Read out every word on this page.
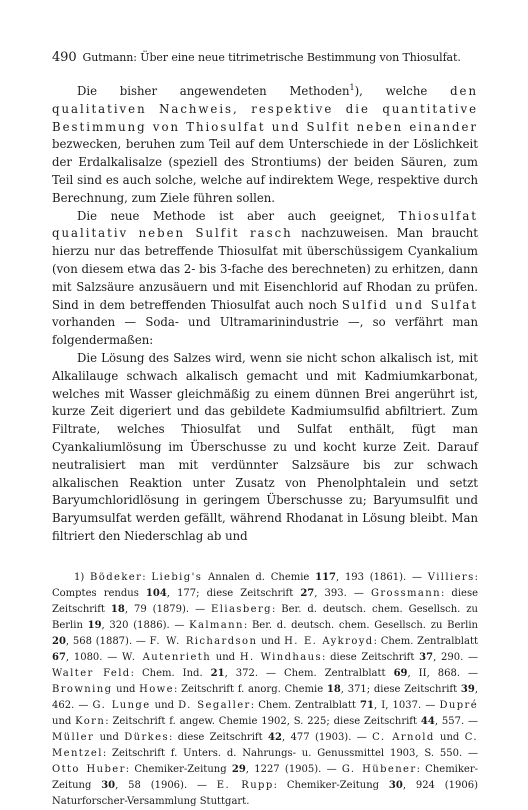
490 Gutmann: Über eine neue titrimetrische Bestimmung von Thiosulfat.

Die bisher angewendeten Methoden$^1$), welche den qualitativen Nachweis, respektive die quantitative Bestimmung von Thiosulfat und Sulfit neben einander bezwecken, beruhen zum Teil auf dem Unterschiede in der Löslichkeit der Erdalkalisalze (speziell des Strontiums) der beiden Säuren, zum Teil sind es auch solche, welche auf indirektem Wege, respektive durch Berechnung, zum Ziele führen sollen.

Die neue Methode ist aber auch geeignet, Thiosulfat qualitativ neben Sulfit rasch nachzuweisen. Man braucht hierzu nur das betreffende Thiosulfat mit überschüssigem Cyankalium (von diesem etwa das 2- bis 3-fache des berechneten) zu erhitzen, dann mit Salzsäure anzusäuern und mit Eisenchlorid auf Rhodan zu prüfen. Sind in dem betreffenden Thiosulfat auch noch Sulfid und Sulfat vorhanden — Soda- und Ultramarinindustrie —, so verfährt man folgendermaßen:

Die Lösung des Salzes wird, wenn sie nicht schon alkalisch ist, mit Alkalilauge schwach alkalisch gemacht und mit Kadmiumkarbonat, welches mit Wasser gleichmäßig zu einem dünnen Brei angerührt ist, kurze Zeit digeriert und das gebildete Kadmiumsulfid abfiltriert. Zum Filtrate, welches Thiosulfat und Sulfat enthält, fügt man Cyankaliumlösung im Überschusse zu und kocht kurze Zeit. Darauf neutralisiert man mit verdünnter Salzsäure bis zur schwach alkalischen Reaktion unter Zusatz von Phenolphtalein und setzt Baryumchloridlösung in geringem Überschusse zu; Baryumsulfit und Baryumsulfat werden gefällt, während Rhodanat in Lösung bleibt. Man filtriert den Niederschlag ab und

1) Bödeker: Liebig's Annalen d. Chemie 117, 193 (1861). — Villiers: Comptes rendus 104, 177; diese Zeitschrift 27, 393. — Grossmann: diese Zeitschrift 18, 79 (1879). — Eliasberg: Ber. d. deutsch. chem. Gesellsch. zu Berlin 19, 320 (1886). — Kalmann: Ber. d. deutsch. chem. Gesellsch. zu Berlin 20, 568 (1887). — F. W. Richardson und H. E. Aykroyd: Chem. Zentralblatt 67, 1080. — W. Autenrieth und H. Windhaus: diese Zeitschrift 37, 290. — Walter Feld: Chem. Ind. 21, 372. — Chem. Zentralblatt 69, II, 868. — Browning und Howe: Zeitschrift f. anorg. Chemie 18, 371; diese Zeitschrift 39, 462. — G. Lunge und D. Segaller: Chem. Zentralblatt 71, I, 1037. — Dupré und Korn: Zeitschrift f. angew. Chemie 1902, S. 225; diese Zeitschrift 44, 557. — Müller und Dürkes: diese Zeitschrift 42, 477 (1903). — C. Arnold und C. Mentzel: Zeitschrift f. Unters. d. Nahrungs- u. Genussmittel 1903, S. 550. — Otto Huber: Chemiker-Zeitung 29, 1227 (1905). — G. Hübener: Chemiker-Zeitung 30, 58 (1906). — E. Rupp: Chemiker-Zeitung 30, 924 (1906) Naturforscher-Versammlung Stuttgart.
